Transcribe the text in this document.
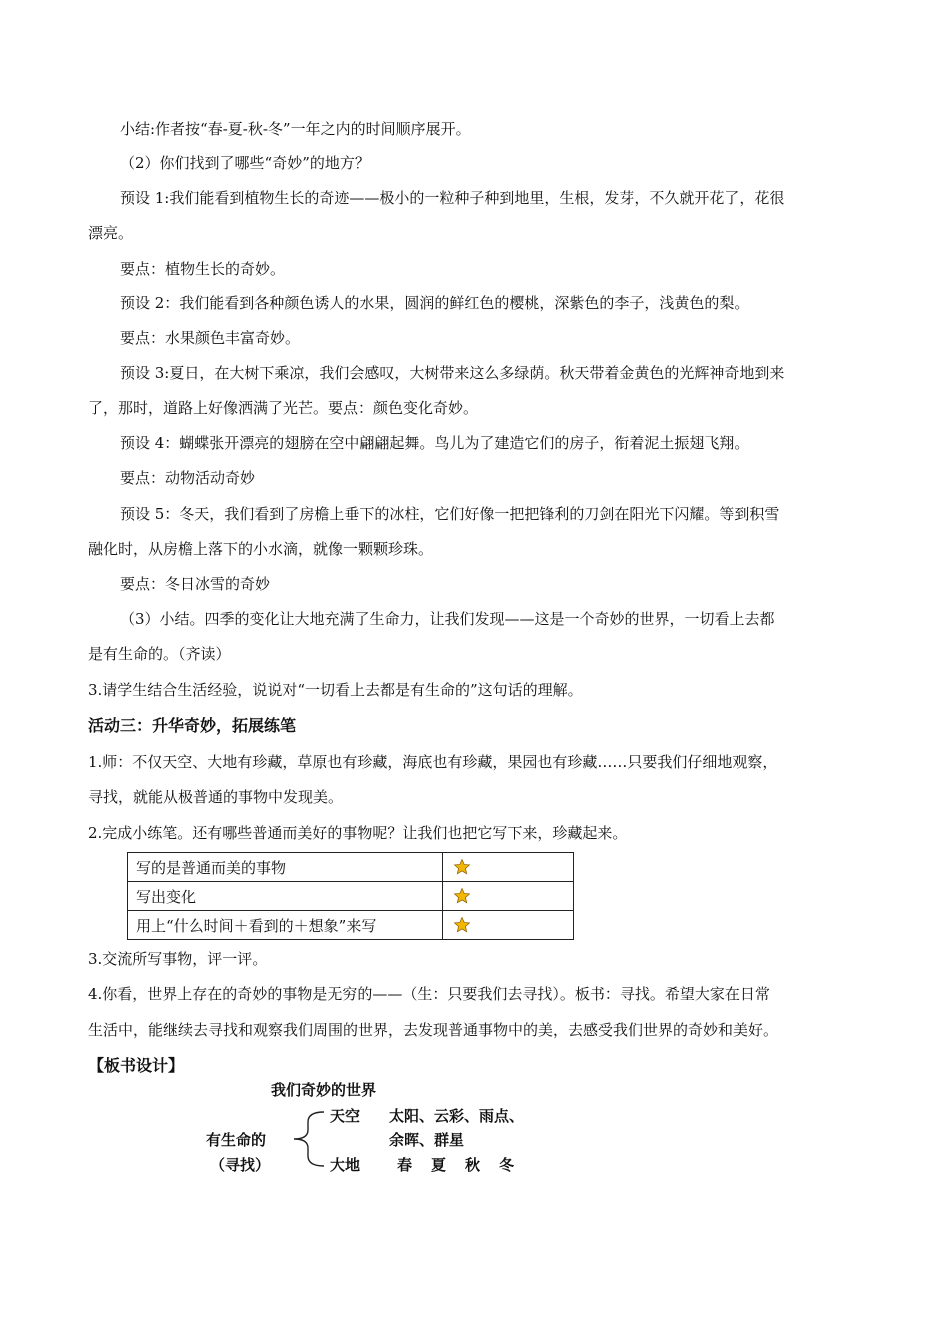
小结:作者按“春-夏-秋-冬”一年之内的时间顺序展开。
（2）你们找到了哪些“奇妙”的地方？
预设 1:我们能看到植物生长的奇迹——极小的一粒种子种到地里，生根，发芽，不久就开花了，花很
漂亮。
要点：植物生长的奇妙。
预设 2：我们能看到各种颜色诱人的水果，圆润的鲜红色的樱桃，深紫色的李子，浅黄色的梨。
要点：水果颜色丰富奇妙。
预设 3:夏日，在大树下乘凉，我们会感叹，大树带来这么多绿荫。秋天带着金黄色的光辉神奇地到来
了，那时，道路上好像洒满了光芒。要点：颜色变化奇妙。
预设 4：蝴蝶张开漂亮的翅膀在空中翩翩起舞。鸟儿为了建造它们的房子，衔着泥土振翅飞翔。
要点：动物活动奇妙
预设 5：冬天，我们看到了房檐上垂下的冰柱，它们好像一把把锋利的刀剑在阳光下闪耀。等到积雪
融化时，从房檐上落下的小水滴，就像一颗颗珍珠。
要点：冬日冰雪的奇妙
（3）小结。四季的变化让大地充满了生命力，让我们发现——这是一个奇妙的世界，一切看上去都
是有生命的。（齐读）
3.请学生结合生活经验，说说对“一切看上去都是有生命的”这句话的理解。
活动三：升华奇妙，拓展练笔
1.师：不仅天空、大地有珍藏，草原也有珍藏，海底也有珍藏，果园也有珍藏……只要我们仔细地观察，
寻找，就能从极普通的事物中发现美。
2.完成小练笔。还有哪些普通而美好的事物呢？让我们也把它写下来，珍藏起来。
写的是普通而美的事物	

写出变化	

用上“什么时间＋看到的＋想象”来写	
3.交流所写事物，评一评。
4.你看，世界上存在的奇妙的事物是无穷的——（生：只要我们去寻找）。板书：寻找。希望大家在日常
生活中，能继续去寻找和观察我们周围的世界，去发现普通事物中的美，去感受我们世界的奇妙和美好。
【板书设计】
我们奇妙的世界
天空 太阳、云彩、雨点、
有生命的	余晖、群星
（寻找）	大地 春 夏 秋 冬
